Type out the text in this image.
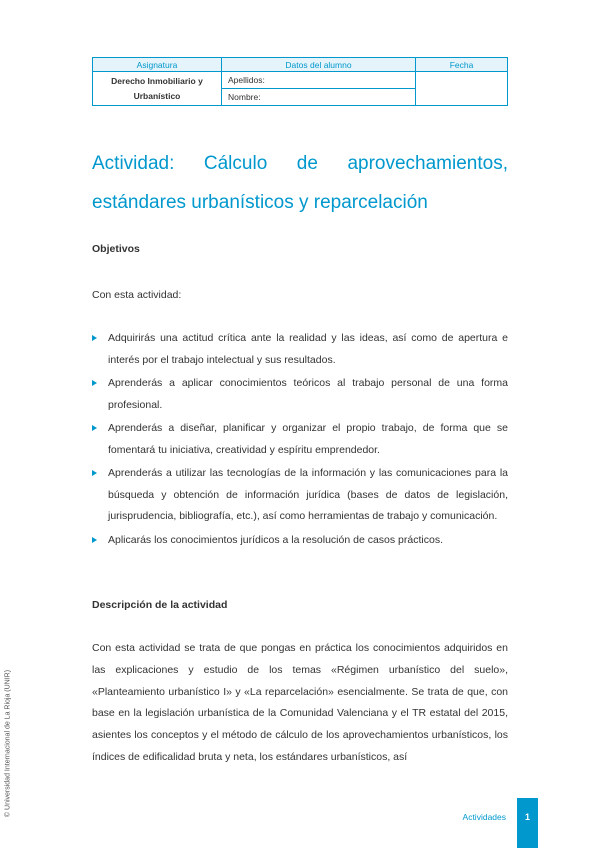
Asignatura	Datos del alumno	Fecha

Derecho Inmobiliario y
Urbanístico	Apellidos:	
	Nombre:	
Actividad: Cálculo de aprovechamientos,
estándares urbanísticos y reparcelación
Objetivos
Con esta actividad:
Adquirirás una actitud crítica ante la realidad y las ideas, así como de apertura e interés por el trabajo intelectual y sus resultados.
Aprenderás a aplicar conocimientos teóricos al trabajo personal de una forma profesional.
Aprenderás a diseñar, planificar y organizar el propio trabajo, de forma que se fomentará tu iniciativa, creatividad y espíritu emprendedor.
Aprenderás a utilizar las tecnologías de la información y las comunicaciones para la búsqueda y obtención de información jurídica (bases de datos de legislación, jurisprudencia, bibliografía, etc.), así como herramientas de trabajo y comunicación.
Aplicarás los conocimientos jurídicos a la resolución de casos prácticos.
Descripción de la actividad
Con esta actividad se trata de que pongas en práctica los conocimientos adquiridos en las explicaciones y estudio de los temas «Régimen urbanístico del suelo», «Planteamiento urbanístico I» y «La reparcelación» esencialmente. Se trata de que, con base en la legislación urbanística de la Comunidad Valenciana y el TR estatal del 2015, asientes los conceptos y el método de cálculo de los aprovechamientos urbanísticos, los índices de edificalidad bruta y neta, los estándares urbanísticos, así
© Universidad Internacional de La Rioja (UNIR)	Actividades	1
